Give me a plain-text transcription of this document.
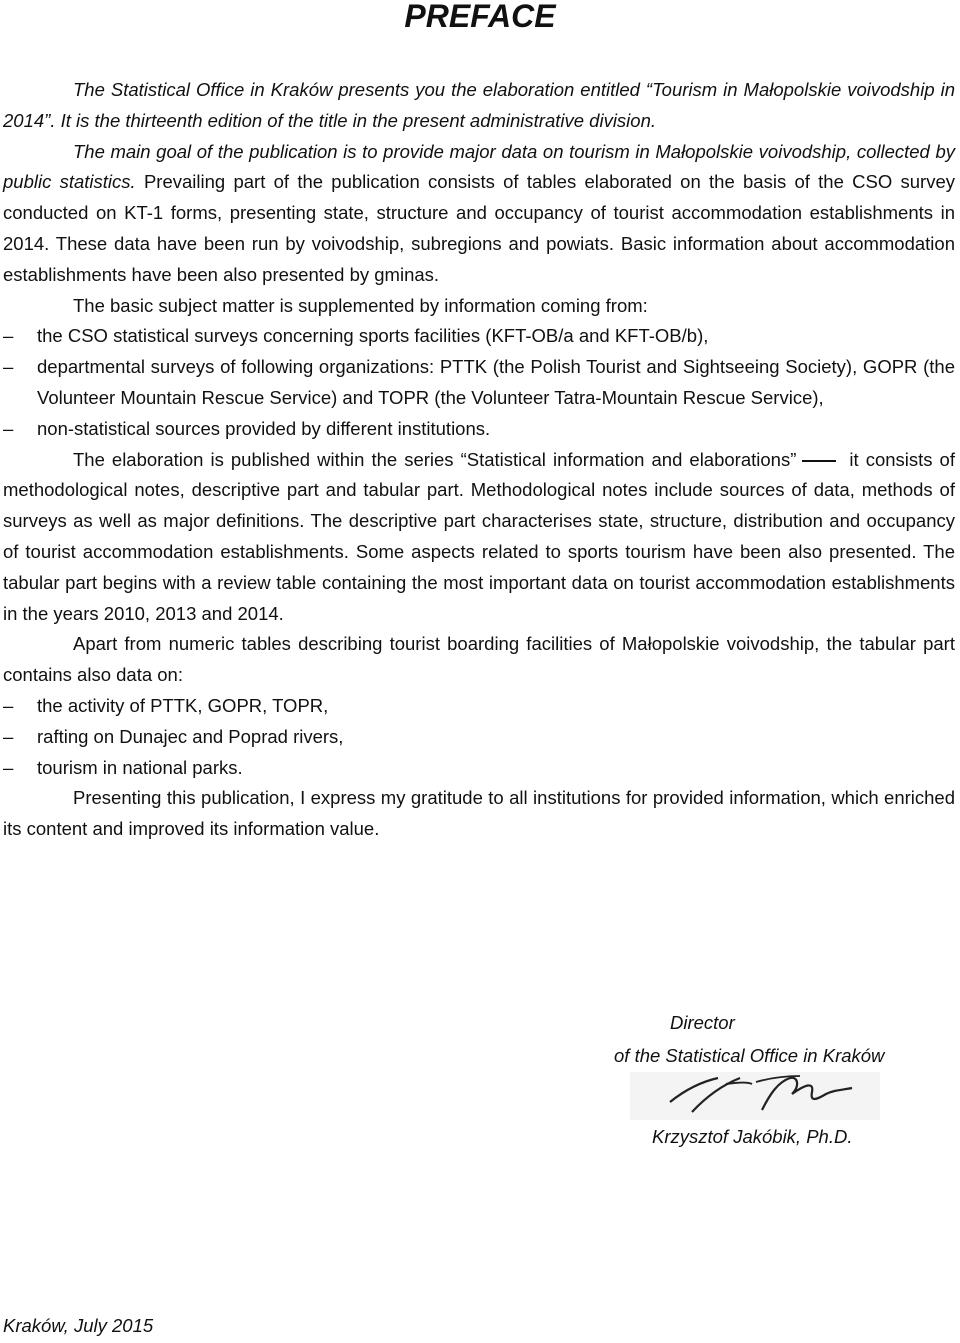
PREFACE

The Statistical Office in Kraków presents you the elaboration entitled “Tourism in Małopolskie voivodship in 2014”. It is the thirteenth edition of the title in the present administrative division.

The main goal of the publication is to provide major data on tourism in Małopolskie voivodship, collected by public statistics. Prevailing part of the publication consists of tables elaborated on the basis of the CSO survey conducted on KT-1 forms, presenting state, structure and occupancy of tourist accommodation establishments in 2014. These data have been run by voivodship, subregions and powiats. Basic information about accommodation establishments have been also presented by gminas.

The basic subject matter is supplemented by information coming from:

– the CSO statistical surveys concerning sports facilities (KFT-OB/a and KFT-OB/b),
– departmental surveys of following organizations: PTTK (the Polish Tourist and Sightseeing Society), GOPR (the Volunteer Mountain Rescue Service) and TOPR (the Volunteer Tatra-Mountain Rescue Service),
– non-statistical sources provided by different institutions.

The elaboration is published within the series “Statistical information and elaborations” it consists of methodological notes, descriptive part and tabular part. Methodological notes include sources of data, methods of surveys as well as major definitions. The descriptive part characterises state, structure, distribution and occupancy of tourist accommodation establishments. Some aspects related to sports tourism have been also presented. The tabular part begins with a review table containing the most important data on tourist accommodation establishments in the years 2010, 2013 and 2014.

Apart from numeric tables describing tourist boarding facilities of Małopolskie voivodship, the tabular part contains also data on:

– the activity of PTTK, GOPR, TOPR,
– rafting on Dunajec and Poprad rivers,
– tourism in national parks.

Presenting this publication, I express my gratitude to all institutions for provided information, which enriched its content and improved its information value.

Director
of the Statistical Office in Kraków
Krzysztof Jakóbik, Ph.D.
Kraków, July 2015
